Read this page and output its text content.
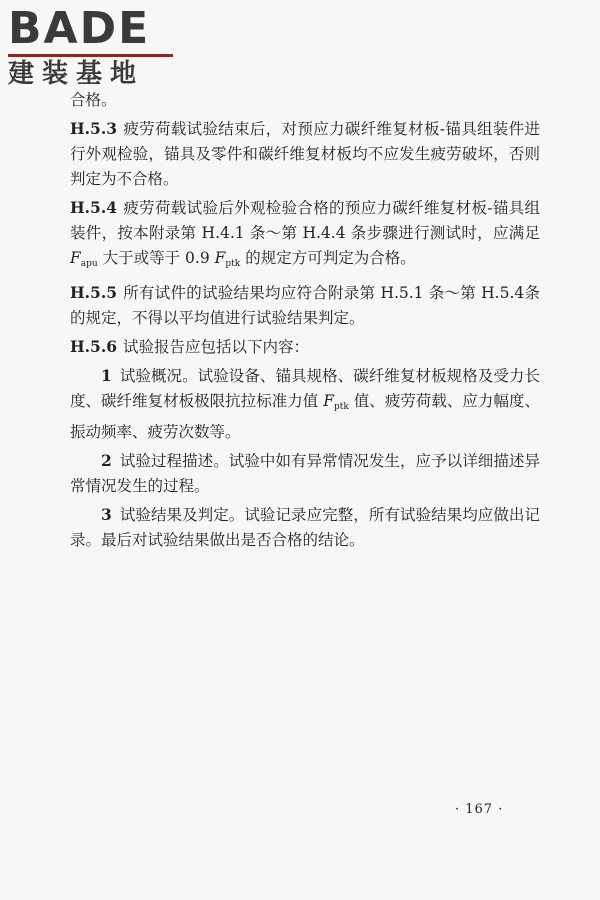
BADE
建装基地

合格。

H.5.3 疲劳荷载试验结束后，对预应力碳纤维复材板-锚具组装件进行外观检验，锚具及零件和碳纤维复材板均不应发生疲劳破坏，否则判定为不合格。

H.5.4 疲劳荷载试验后外观检验合格的预应力碳纤维复材板-锚具组装件，按本附录第 H.4.1 条～第 H.4.4 条步骤进行测试时，应满足 $F_{apu}$ 大于或等于 0.9 $F_{ptk}$ 的规定方可判定为合格。

H.5.5 所有试件的试验结果均应符合附录第 H.5.1 条～第 H.5.4条的规定，不得以平均值进行试验结果判定。

H.5.6 试验报告应包括以下内容：

1 试验概况。试验设备、锚具规格、碳纤维复材板规格及受力长度、碳纤维复材板极限抗拉标准力值 $F_{ptk}$ 值、疲劳荷载、应力幅度、振动频率、疲劳次数等。

2 试验过程描述。试验中如有异常情况发生，应予以详细描述异常情况发生的过程。

3 试验结果及判定。试验记录应完整，所有试验结果均应做出记录。最后对试验结果做出是否合格的结论。

· 167 ·
